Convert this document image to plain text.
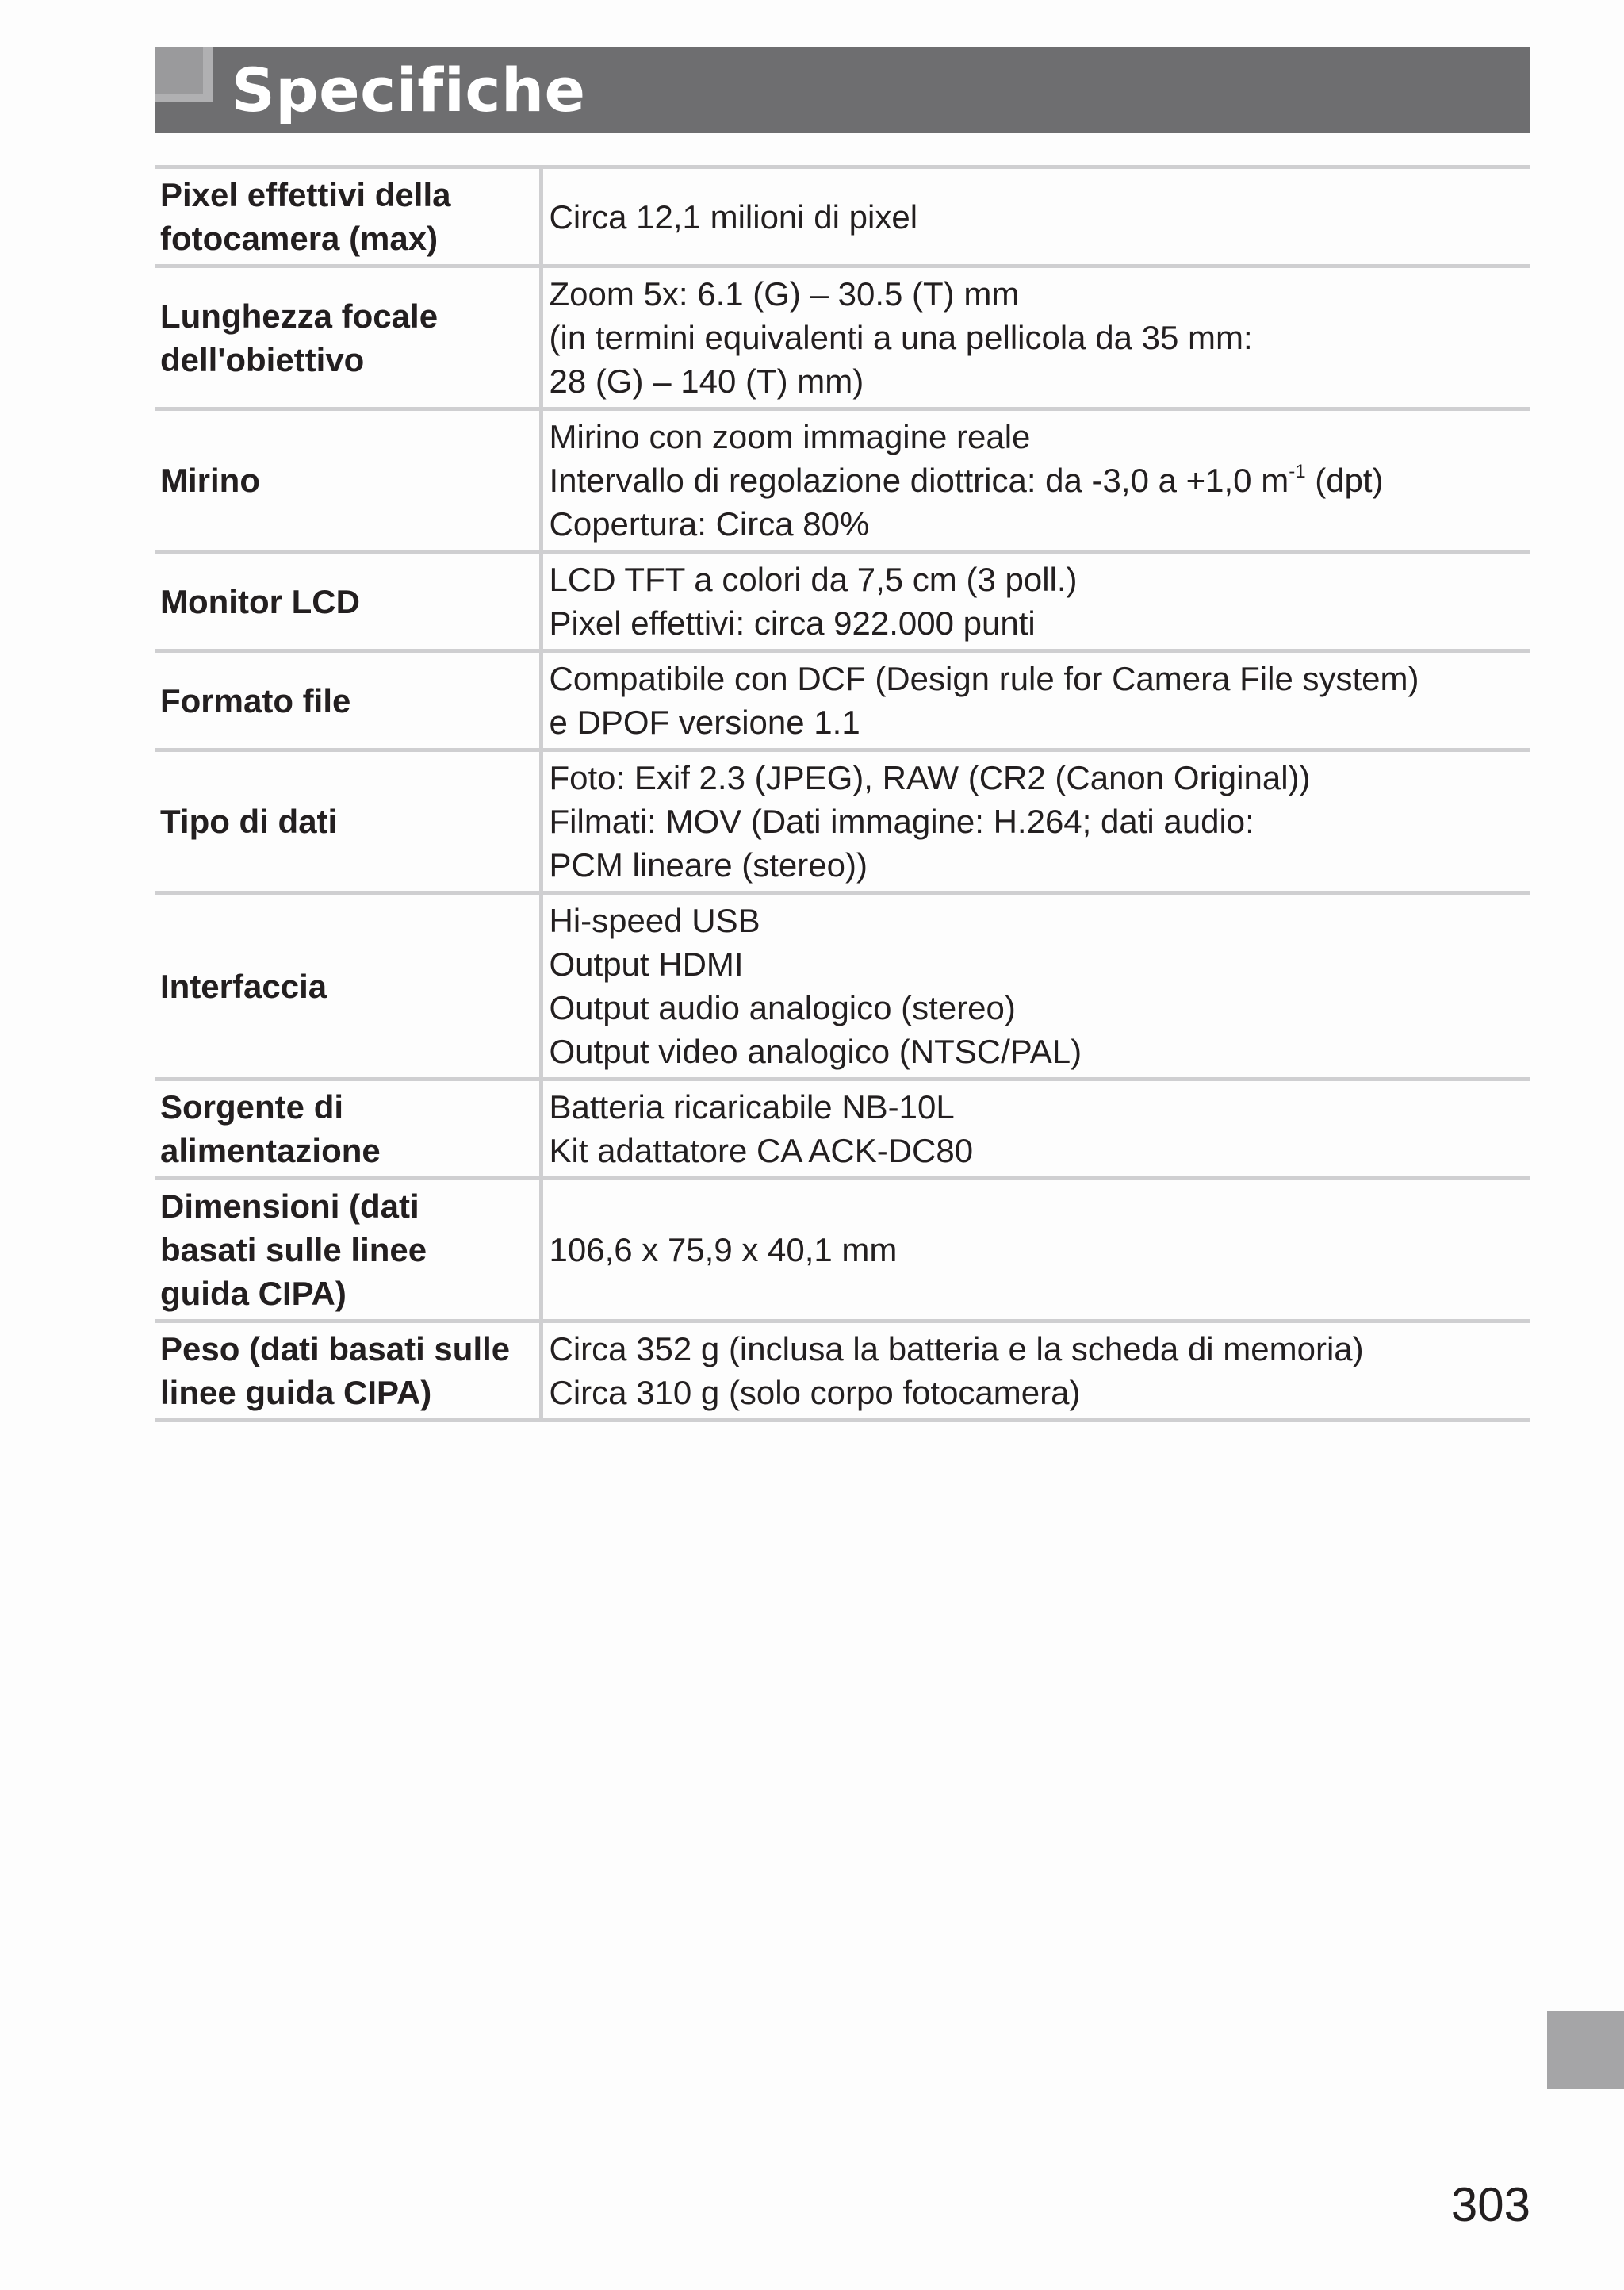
Specifiche
Pixel effettivi della
fotocamera (max)	Circa 12,1 milioni di pixel

Lunghezza focale
dell'obiettivo	Zoom 5x: 6.1 (G) – 30.5 (T) mm
(in termini equivalenti a una pellicola da 35 mm:
28 (G) – 140 (T) mm)

Mirino	Mirino con zoom immagine reale
Intervallo di regolazione diottrica: da -3,0 a +1,0 $m^{-1}$ (dpt)
Copertura: Circa 80%

Monitor LCD	LCD TFT a colori da 7,5 cm (3 poll.)
Pixel effettivi: circa 922.000 punti

Formato file	Compatibile con DCF (Design rule for Camera File system)
e DPOF versione 1.1

Tipo di dati	Foto: Exif 2.3 (JPEG), RAW (CR2 (Canon Original))
Filmati: MOV (Dati immagine: H.264; dati audio:
PCM lineare (stereo))

Interfaccia	Hi-speed USB
Output HDMI
Output audio analogico (stereo)
Output video analogico (NTSC/PAL)

Sorgente di
alimentazione	Batteria ricaricabile NB-10L
Kit adattatore CA ACK-DC80

Dimensioni (dati
basati sulle linee
guida CIPA)	106,6 x 75,9 x 40,1 mm

Peso (dati basati sulle
linee guida CIPA)	Circa 352 g (inclusa la batteria e la scheda di memoria)
Circa 310 g (solo corpo fotocamera)
303
